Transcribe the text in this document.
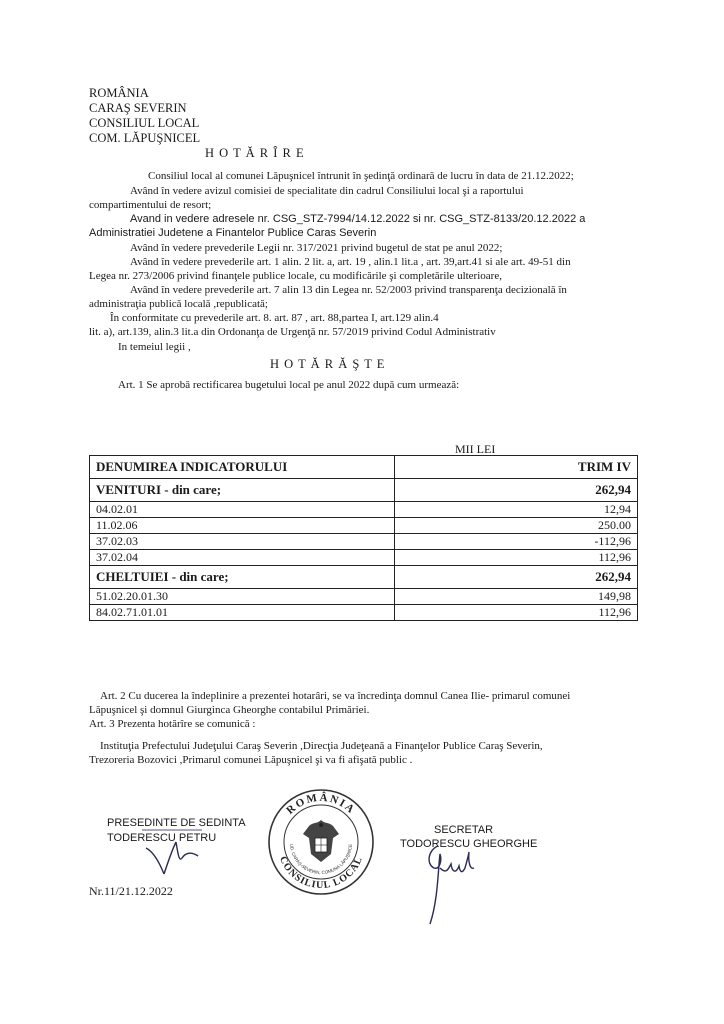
ROMÂNIA
CARAŞ SEVERIN
CONSILIUL LOCAL
COM. LĂPUŞNICEL
H O T Ă R Î R E
Consiliul local al comunei Lăpuşnicel întrunit în şedinţă ordinară de lucru în data de 21.12.2022;
Având în vedere avizul comisiei de specialitate din cadrul Consiliului local şi a raportului
compartimentului de resort;
Avand in vedere adresele nr. CSG_STZ-7994/14.12.2022 si nr. CSG_STZ-8133/20.12.2022 a
Administratiei Judetene a Finantelor Publice Caras Severin
Având în vedere prevederile Legii nr. 317/2021 privind bugetul de stat pe anul 2022;
Având în vedere prevederile art. 1 alin. 2 lit. a, art. 19 , alin.1 lit.a , art. 39,art.41 si ale art. 49-51 din
Legea nr. 273/2006 privind finanţele publice locale, cu modificările şi completările ulterioare,
Având în vedere prevederile art. 7 alin 13 din Legea nr. 52/2003 privind transparenţa decizională în
administraţia publică locală ,republicată;
În conformitate cu prevederile art. 8. art. 87 , art. 88,partea I, art.129 alin.4
lit. a), art.139, alin.3 lit.a din Ordonanţa de Urgenţă nr. 57/2019 privind Codul Administrativ
In temeiul legii ,
H O T Ă R Ă Ş T E
Art. 1 Se aprobă rectificarea bugetului local pe anul 2022 după cum urmează:
MII LEI
DENUMIREA INDICATORULUI	TRIM IV
VENITURI - din care;	262,94
04.02.01	12,94
11.02.06	250.00
37.02.03	-112,96
37.02.04	112,96
CHELTUIEI - din care;	262,94
51.02.20.01.30	149,98
84.02.71.01.01	112,96
Art. 2 Cu ducerea la îndeplinire a prezentei hotarâri, se va încredinţa domnul Canea Ilie- primarul comunei
Lăpuşnicel şi domnul Giurginca Gheorghe contabilul Primăriei.
Art. 3 Prezenta hotărîre se comunică :
Instituţia Prefectului Judeţului Caraş Severin ,Direcţia Judeţeană a Finanţelor Publice Caraş Severin,
Trezoreria Bozovici ,Primarul comunei Lăpuşnicel şi va fi afişată public .
PRESEDINTE DE SEDINTA
TODERESCU PETRU
Nr.11/21.12.2022
ROMÂNIA
CONSILIUL LOCAL
UD. CARAŞ-SEVERIN, COMUNA LĂPUŞNICE
SECRETAR
TODORESCU GHEORGHE
